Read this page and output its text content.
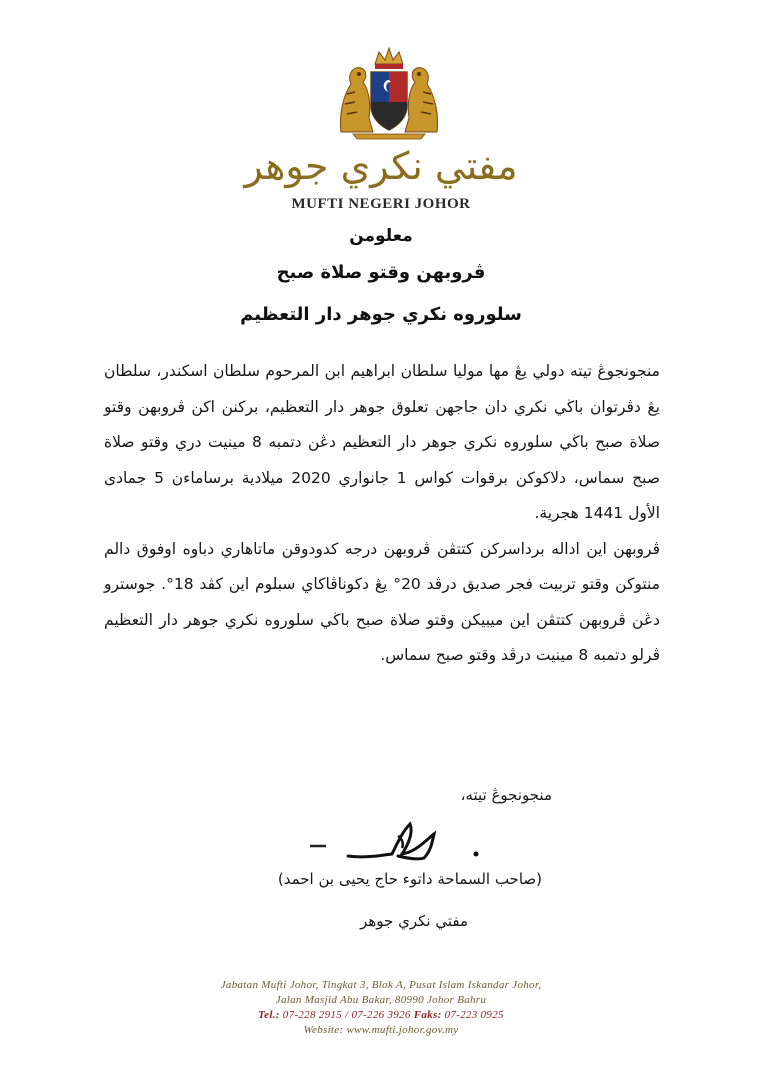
مفتي نكري جوهر
MUFTI NEGERI JOHOR
معلومن
ڤروبهن وقتو صلاة صبح
سلوروه نكري جوهر دار التعظيم

منجونجوڠ تيته دولي يڠ مها موليا سلطان ابراهيم ابن المرحوم سلطان اسكندر، سلطان يڠ دڤرتوان باڬي نكري دان جاجهن تعلوق جوهر دار التعظيم، بركنن اكن ڤروبهن وقتو صلاة صبح باڬي سلوروه نكري جوهر دار التعظيم دڠن دتمبه 8 مينيت دري وقتو صلاة صبح سماس، دلاكوكن برقوات كواس 1 جانواري 2020 ميلادية برساماءن 5 جمادى الأول 1441 هجرية.

ڤروبهن اين اداله برداسركن كتتڤن ڤروبهن درجه كدودوقن ماتاهاري دباوه اوفوق دالم منتوكن وقتو تربيت فجر صديق درڤد 20° يڠ دكوناڤاكاي سبلوم اين كڤد 18°. جوسترو دڠن ڤروبهن كتتڤن اين ميبيكن وقتو صلاة صبح باڬي سلوروه نكري جوهر دار التعظيم ڤرلو دتمبه 8 مينيت درڤد وقتو صبح سماس.

منجونجوڠ تيته،
(صاحب السماحة داتوء حاج يحيى بن احمد)
مفتي نكري جوهر
Jabatan Mufti Johor, Tingkat 3, Blok A, Pusat Islam Iskandar Johor,
Jalan Masjid Abu Bakar, 80990 Johor Bahru
Tel.: 07-228 2915 / 07-226 3926 Faks: 07-223 0925
Website: www.mufti.johor.gov.my
